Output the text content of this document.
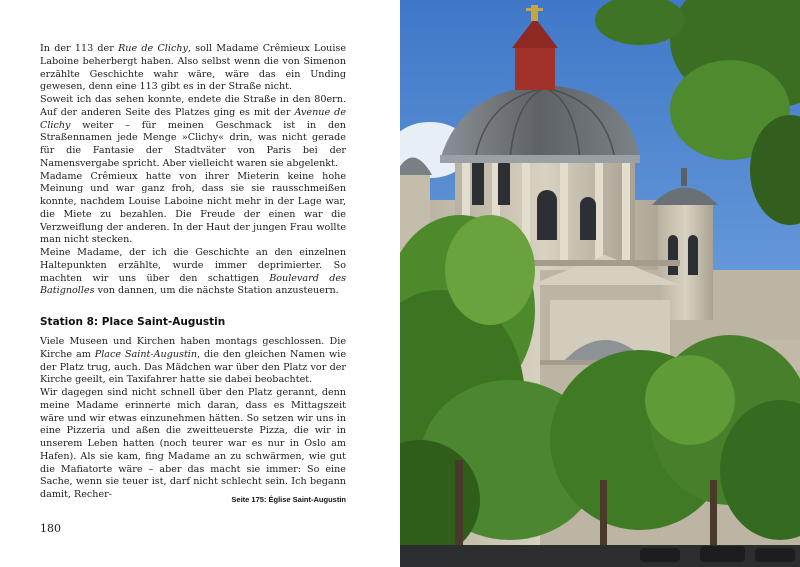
In der 113 der Rue de Clichy, soll Madame Crêmieux Louise Laboine beherbergt haben. Also selbst wenn die von Simenon erzählte Geschichte wahr wäre, wäre das ein Unding gewesen, denn eine 113 gibt es in der Straße nicht.

Soweit ich das sehen konnte, endete die Straße in den 80ern. Auf der anderen Seite des Platzes ging es mit der Avenue de Clichy weiter – für meinen Geschmack ist in den Straßennamen jede Menge »Clichy« drin, was nicht gerade für die Fantasie der Stadtväter von Paris bei der Namensvergabe spricht. Aber vielleicht waren sie abgelenkt.

Madame Crêmieux hatte von ihrer Mieterin keine hohe Meinung und war ganz froh, dass sie sie rausschmeißen konnte, nachdem Louise Laboine nicht mehr in der Lage war, die Miete zu bezahlen. Die Freude der einen war die Verzweiflung der anderen. In der Haut der jungen Frau wollte man nicht stecken.

Meine Madame, der ich die Geschichte an den einzelnen Haltepunkten erzählte, wurde immer deprimierter. So machten wir uns über den schattigen Boulevard des Batignolles von dannen, um die nächste Station anzusteuern.

Station 8: Place Saint-Augustin

Viele Museen und Kirchen haben montags geschlossen. Die Kirche am Place Saint-Augustin, die den gleichen Namen wie der Platz trug, auch. Das Mädchen war über den Platz vor der Kirche geeilt, ein Taxifahrer hatte sie dabei beobachtet.

Wir dagegen sind nicht schnell über den Platz gerannt, denn meine Madame erinnerte mich daran, dass es Mittagszeit wäre und wir etwas einzunehmen hätten. So setzen wir uns in eine Pizzeria und aßen die zweitteuerste Pizza, die wir in unserem Leben hatten (noch teurer war es nur in Oslo am Hafen). Als sie kam, fing Madame an zu schwärmen, wie gut die Mafiatorte wäre – aber das macht sie immer: So eine Sache, wenn sie teuer ist, darf nicht schlecht sein. Ich begann damit, Recher-	Seite 175: Église Saint-Augustin
180
